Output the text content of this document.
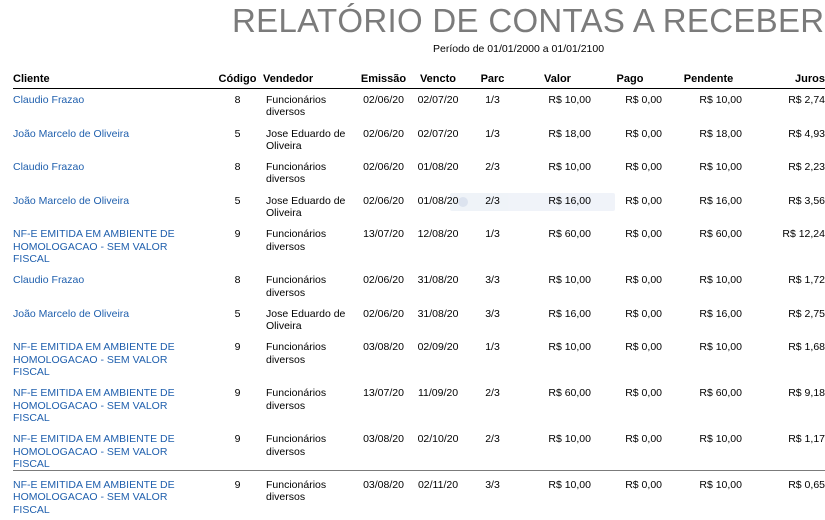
RELATÓRIO DE CONTAS A RECEBER
Período de 01/01/2000 a 01/01/2100
Cliente	Código	Vendedor	Emissão	Vencto	Parc	Valor	Pago	Pendente	Juros
Claudio Frazao	8	Funcionários diversos	02/06/20	02/07/20	1/3	R$ 10,00	R$ 0,00	R$ 10,00	R$ 2,74
João Marcelo de Oliveira	5	Jose Eduardo de Oliveira	02/06/20	02/07/20	1/3	R$ 18,00	R$ 0,00	R$ 18,00	R$ 4,93
Claudio Frazao	8	Funcionários diversos	02/06/20	01/08/20	2/3	R$ 10,00	R$ 0,00	R$ 10,00	R$ 2,23
João Marcelo de Oliveira	5	Jose Eduardo de Oliveira	02/06/20	01/08/20	2/3	R$ 16,00	R$ 0,00	R$ 16,00	R$ 3,56
NF-E EMITIDA EM AMBIENTE DE HOMOLOGACAO - SEM VALOR FISCAL	9	Funcionários diversos	13/07/20	12/08/20	1/3	R$ 60,00	R$ 0,00	R$ 60,00	R$ 12,24
Claudio Frazao	8	Funcionários diversos	02/06/20	31/08/20	3/3	R$ 10,00	R$ 0,00	R$ 10,00	R$ 1,72
João Marcelo de Oliveira	5	Jose Eduardo de Oliveira	02/06/20	31/08/20	3/3	R$ 16,00	R$ 0,00	R$ 16,00	R$ 2,75
NF-E EMITIDA EM AMBIENTE DE HOMOLOGACAO - SEM VALOR FISCAL	9	Funcionários diversos	03/08/20	02/09/20	1/3	R$ 10,00	R$ 0,00	R$ 10,00	R$ 1,68
NF-E EMITIDA EM AMBIENTE DE HOMOLOGACAO - SEM VALOR FISCAL	9	Funcionários diversos	13/07/20	11/09/20	2/3	R$ 60,00	R$ 0,00	R$ 60,00	R$ 9,18
NF-E EMITIDA EM AMBIENTE DE HOMOLOGACAO - SEM VALOR FISCAL	9	Funcionários diversos	03/08/20	02/10/20	2/3	R$ 10,00	R$ 0,00	R$ 10,00	R$ 1,17
NF-E EMITIDA EM AMBIENTE DE HOMOLOGACAO - SEM VALOR FISCAL	9	Funcionários diversos	03/08/20	02/11/20	3/3	R$ 10,00	R$ 0,00	R$ 10,00	R$ 0,65
